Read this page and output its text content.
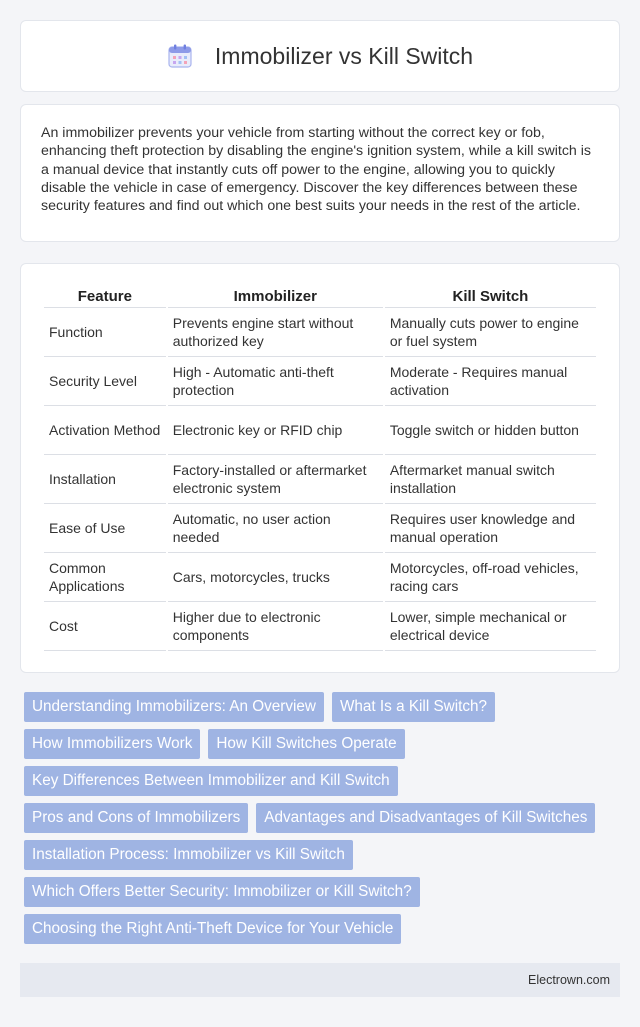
Immobilizer vs Kill Switch

An immobilizer prevents your vehicle from starting without the correct key or fob, enhancing theft protection by disabling the engine's ignition system, while a kill switch is a manual device that instantly cuts off power to the engine, allowing you to quickly disable the vehicle in case of emergency. Discover the key differences between these security features and find out which one best suits your needs in the rest of the article.

Feature	Immobilizer	Kill Switch
Function	Prevents engine start without authorized key	Manually cuts power to engine or fuel system
Security Level	High - Automatic anti-theft protection	Moderate - Requires manual activation
Activation Method	Electronic key or RFID chip	Toggle switch or hidden button
Installation	Factory-installed or aftermarket electronic system	Aftermarket manual switch installation
Ease of Use	Automatic, no user action needed	Requires user knowledge and manual operation
Common Applications	Cars, motorcycles, trucks	Motorcycles, off-road vehicles, racing cars
Cost	Higher due to electronic components	Lower, simple mechanical or electrical device
Understanding Immobilizers: An Overview	What Is a Kill Switch?
How Immobilizers Work	How Kill Switches Operate
Key Differences Between Immobilizer and Kill Switch
Pros and Cons of Immobilizers	Advantages and Disadvantages of Kill Switches
Installation Process: Immobilizer vs Kill Switch
Which Offers Better Security: Immobilizer or Kill Switch?
Choosing the Right Anti-Theft Device for Your Vehicle
Electrown.com
